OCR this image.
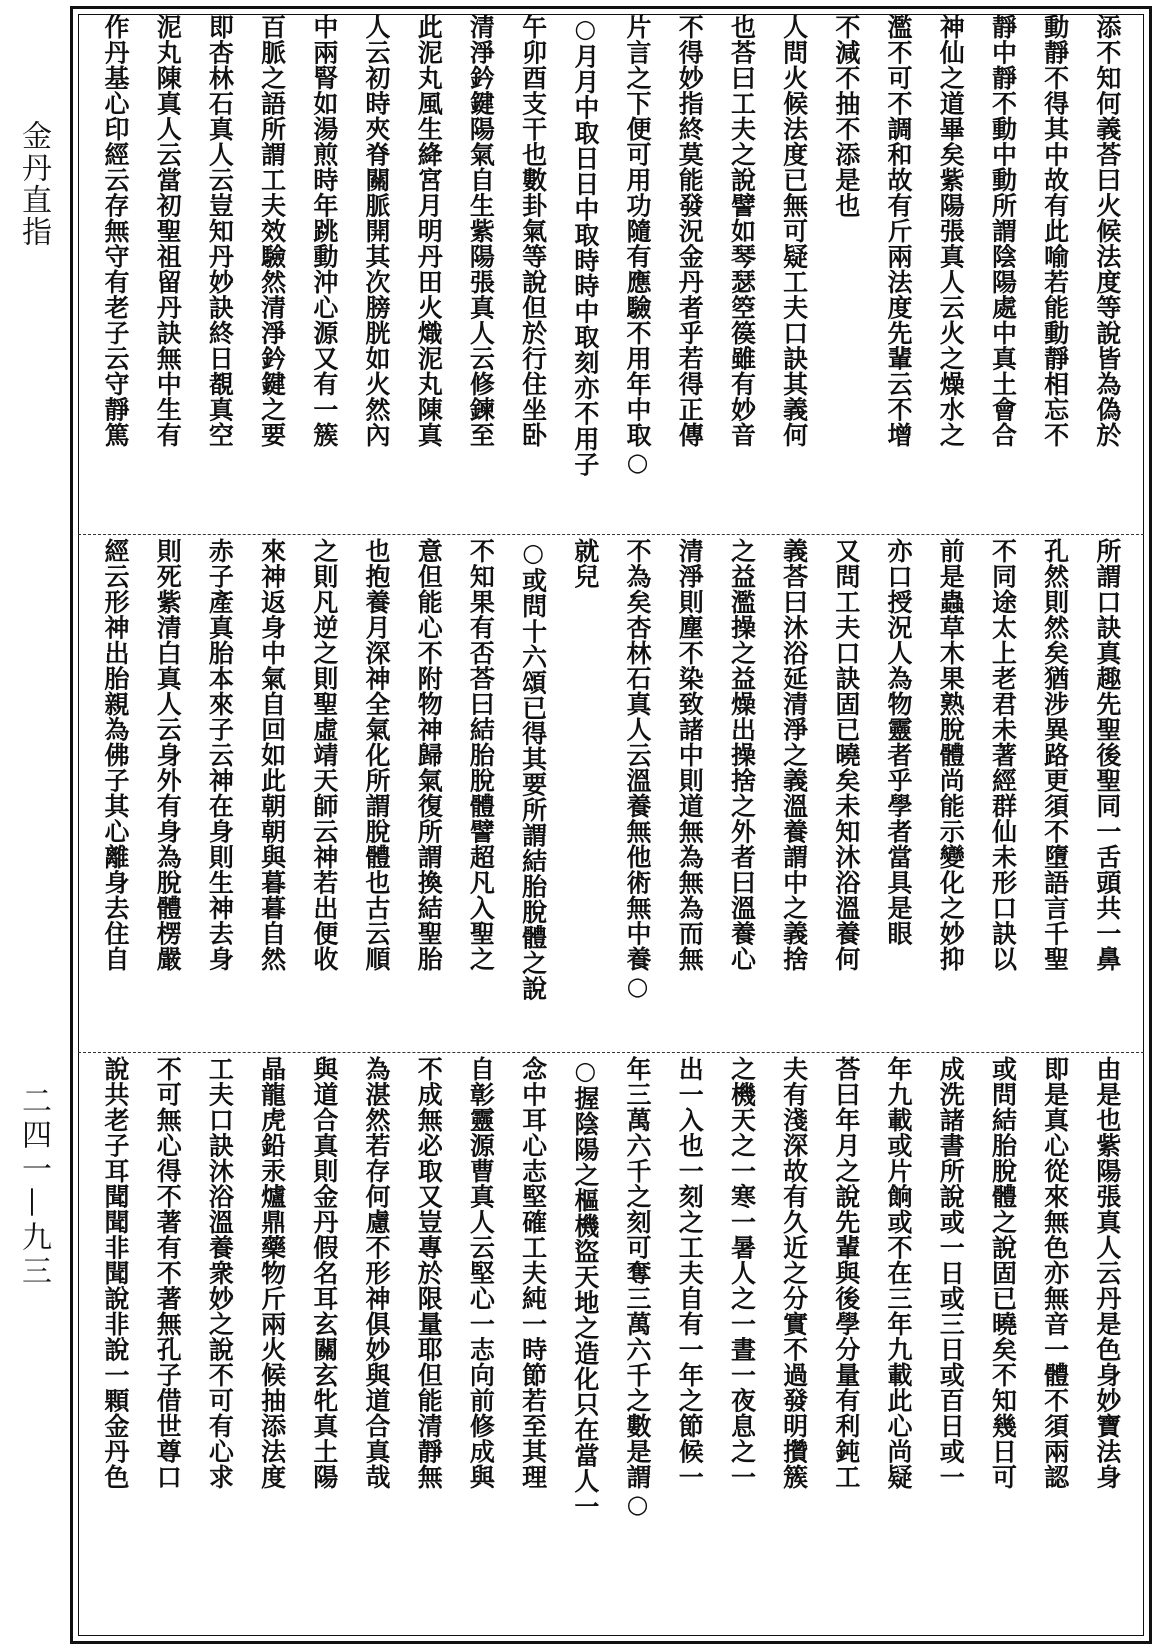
金丹直指
二四一—九三
添不知何義荅曰火候法度等說皆為偽於
動靜不得其中故有此喻若能動靜相忘不
靜中靜不動中動所謂陰陽處中真土會合
神仙之道畢矣紫陽張真人云火之燥水之
濫不可不調和故有斤兩法度先輩云不增
不減不抽不添是也
人問火候法度已無可疑工夫口訣其義何
也荅曰工夫之說譬如琴瑟箜篌雖有妙音
不得妙指終莫能發況金丹者乎若得正傳
片言之下便可用功隨有應驗不用年中取○
○月月中取日日中取時時中取刻亦不用子
午卯酉支干也數卦氣等說但於行住坐卧
清淨鈐鍵陽氣自生紫陽張真人云修鍊至
此泥丸風生絳宮月明丹田火熾泥丸陳真
人云初時夾脊關脈開其次膀胱如火然內
中兩腎如湯煎時年跳動沖心源又有一簇
百脈之語所謂工夫效驗然清淨鈐鍵之要
即杏林石真人云豈知丹妙訣終日覩真空
泥丸陳真人云當初聖祖留丹訣無中生有
作丹基心印經云存無守有老子云守靜篤
所謂口訣真趣先聖後聖同一舌頭共一鼻
孔然則然矣猶涉異路更須不墮語言千聖
不同途太上老君未著經群仙未形口訣以
前是蟲草木果熟脫體尚能示變化之妙抑
亦口授況人為物靈者乎學者當具是眼
又問工夫口訣固已曉矣未知沐浴溫養何
義荅曰沐浴延清淨之義溫養謂中之義捨
之益濫操之益燥出操捨之外者曰溫養心
清淨則塵不染致諸中則道無為無為而無
不為矣杏林石真人云溫養無他術無中養○
就兒
○或問十六頌已得其要所謂結胎脫體之說
不知果有否荅曰結胎脫體譬超凡入聖之
意但能心不附物神歸氣復所謂換結聖胎
也抱養月深神全氣化所謂脫體也古云順
之則凡逆之則聖虛靖天師云神若出便收
來神返身中氣自回如此朝朝與暮暮自然
赤子產真胎本來子云神在身則生神去身
則死紫清白真人云身外有身為脫體楞嚴
經云形神出胎親為佛子其心離身去住自
由是也紫陽張真人云丹是色身妙寶法身
即是真心從來無色亦無音一體不須兩認
或問結胎脫體之說固已曉矣不知幾日可
成洗諸書所說或一日或三日或百日或一
年九載或片餉或不在三年九載此心尚疑
荅曰年月之說先輩與後學分量有利鈍工
夫有淺深故有久近之分實不過發明攢簇
之機天之一寒一暑人之一晝一夜息之一
出一入也一刻之工夫自有一年之節候一
年三萬六千之刻可奪三萬六千之數是謂○
○握陰陽之樞機盜天地之造化只在當人一
念中耳心志堅確工夫純一時節若至其理
自彰靈源曹真人云堅心一志向前修成與
不成無必取又豈專於限量耶但能清靜無
為湛然若存何慮不形神俱妙與道合真哉
與道合真則金丹假名耳玄關玄牝真土陽
晶龍虎鉛汞爐鼎藥物斤兩火候抽添法度
工夫口訣沐浴溫養衆妙之說不可有心求
不可無心得不著有不著無孔子借世尊口
說共老子耳聞聞非聞說非說一顆金丹色
